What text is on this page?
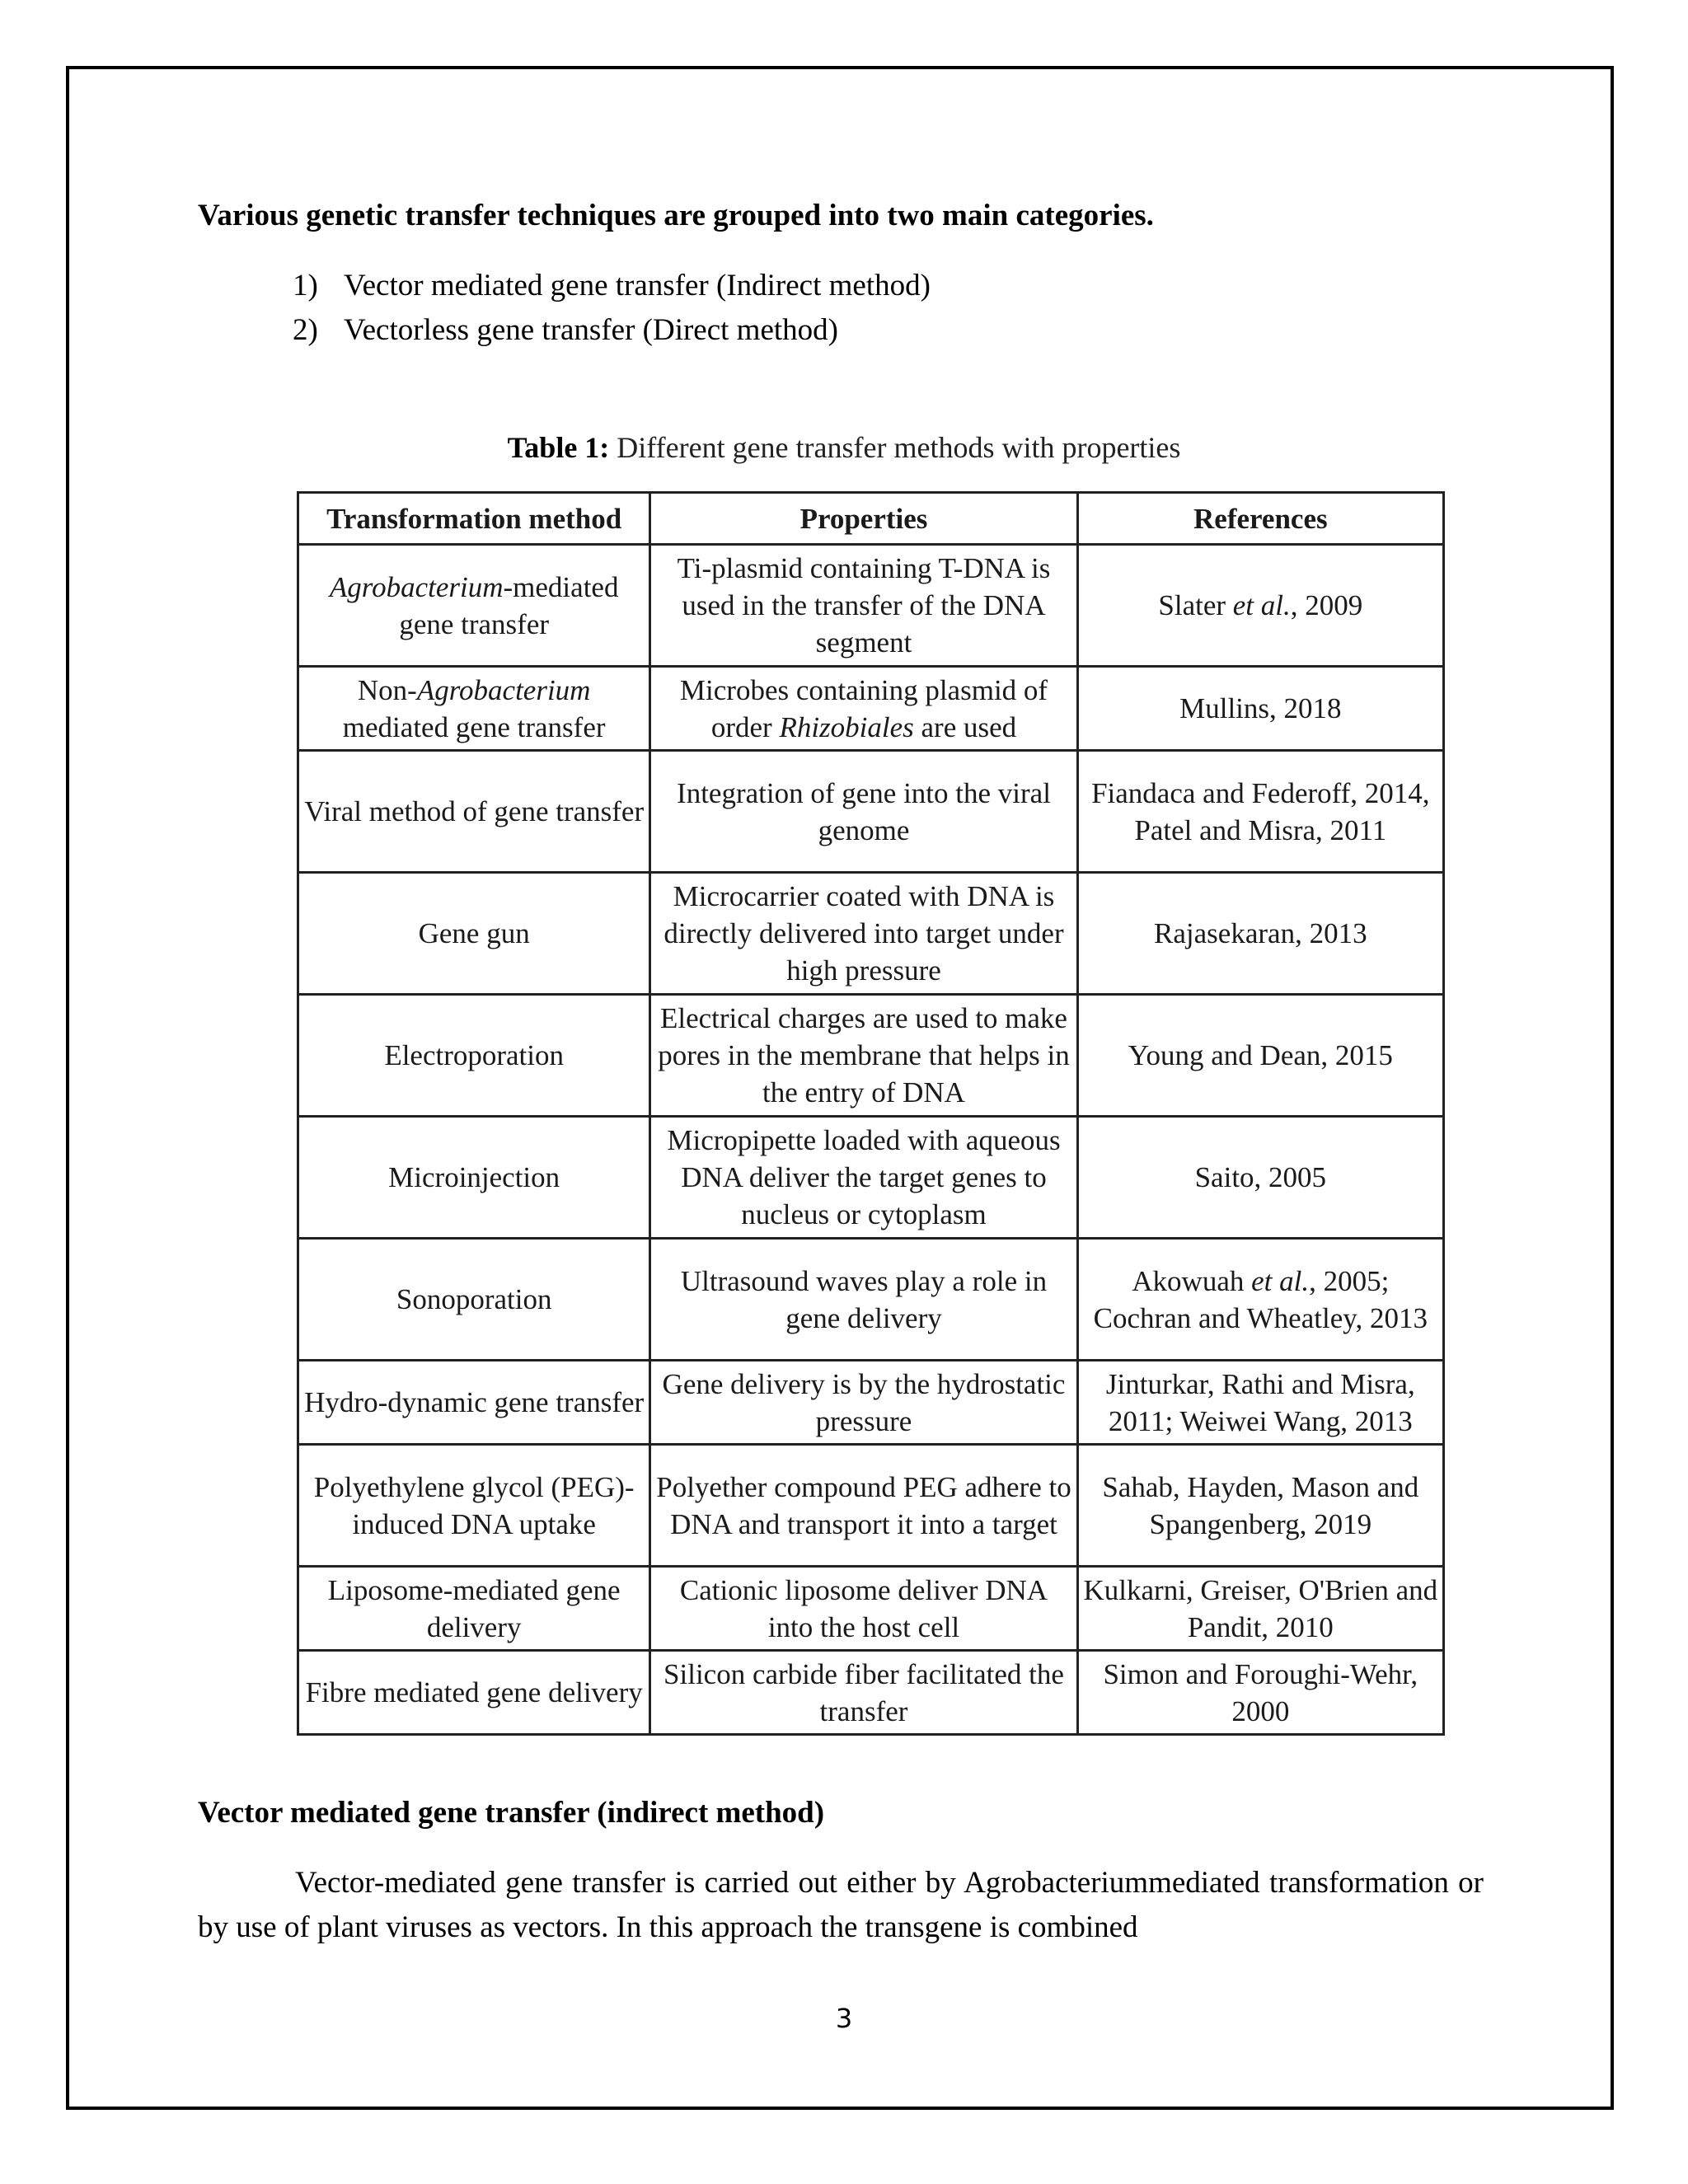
Various genetic transfer techniques are grouped into two main categories.
1) Vector mediated gene transfer (Indirect method)
2) Vectorless gene transfer (Direct method)
Table 1: Different gene transfer methods with properties
Transformation method	Properties	References
Agrobacterium-mediated gene transfer	Ti-plasmid containing T-DNA is used in the transfer of the DNA segment	Slater et al., 2009
Non-Agrobacterium mediated gene transfer	Microbes containing plasmid of order Rhizobiales are used	Mullins, 2018
Viral method of gene transfer	Integration of gene into the viral genome	Fiandaca and Federoff, 2014, Patel and Misra, 2011
Gene gun	Microcarrier coated with DNA is directly delivered into target under high pressure	Rajasekaran, 2013
Electroporation	Electrical charges are used to make pores in the membrane that helps in the entry of DNA	Young and Dean, 2015
Microinjection	Micropipette loaded with aqueous DNA deliver the target genes to nucleus or cytoplasm	Saito, 2005
Sonoporation	Ultrasound waves play a role in gene delivery	Akowuah et al., 2005; Cochran and Wheatley, 2013
Hydro-dynamic gene transfer	Gene delivery is by the hydrostatic pressure	Jinturkar, Rathi and Misra, 2011; Weiwei Wang, 2013
Polyethylene glycol (PEG)-induced DNA uptake	Polyether compound PEG adhere to DNA and transport it into a target	Sahab, Hayden, Mason and Spangenberg, 2019
Liposome-mediated gene delivery	Cationic liposome deliver DNA into the host cell	Kulkarni, Greiser, O'Brien and Pandit, 2010
Fibre mediated gene delivery	Silicon carbide fiber facilitated the transfer	Simon and Foroughi-Wehr, 2000
Vector mediated gene transfer (indirect method)
Vector-mediated gene transfer is carried out either by Agrobacteriummediated transformation or by use of plant viruses as vectors. In this approach the transgene is combined
3
